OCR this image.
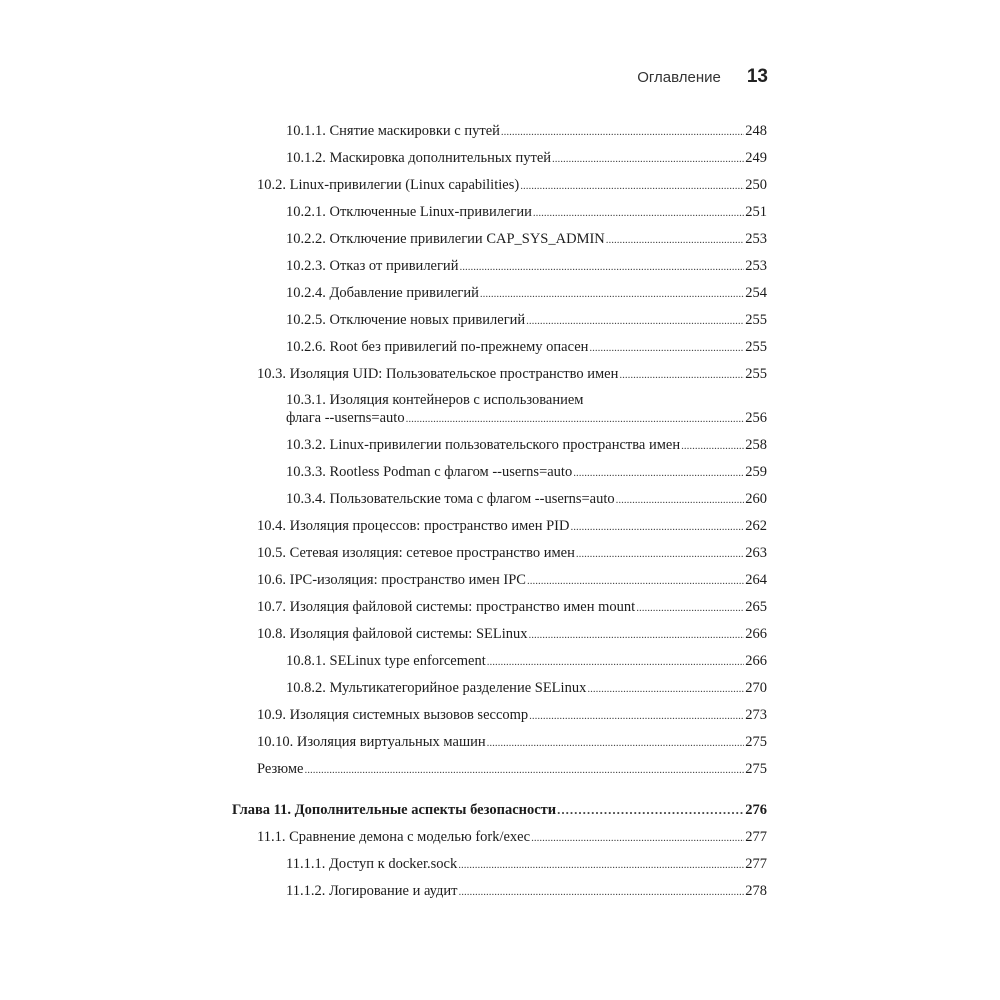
Оглавление 13
10.1.1. Снятие маскировки с путей .....	248
10.1.2. Маскировка дополнительных путей .....	249
10.2. Linux-привилегии (Linux capabilities) .....	250
10.2.1. Отключенные Linux-привилегии .....	251
10.2.2. Отключение привилегии CAP_SYS_ADMIN .....	253
10.2.3. Отказ от привилегий .....	253
10.2.4. Добавление привилегий .....	254
10.2.5. Отключение новых привилегий .....	255
10.2.6. Root без привилегий по-прежнему опасен .....	255
10.3. Изоляция UID: Пользовательское пространство имен .....	255
10.3.1. Изоляция контейнеров с использованием
флага --userns=auto .....	256
10.3.2. Linux-привилегии пользовательского пространства имен .....	258
10.3.3. Rootless Podman с флагом --userns=auto .....	259
10.3.4. Пользовательские тома с флагом --userns=auto .....	260
10.4. Изоляция процессов: пространство имен PID .....	262
10.5. Сетевая изоляция: сетевое пространство имен .....	263
10.6. IPC-изоляция: пространство имен IPC .....	264
10.7. Изоляция файловой системы: пространство имен mount .....	265
10.8. Изоляция файловой системы: SELinux .....	266
10.8.1. SELinux type enforcement .....	266
10.8.2. Мультикатегорийное разделение SELinux .....	270
10.9. Изоляция системных вызовов seccomp .....	273
10.10. Изоляция виртуальных машин .....	275
Резюме .....	275
Глава 11. Дополнительные аспекты безопасности .....	276
11.1. Сравнение демона с моделью fork/exec .....	277
11.1.1. Доступ к docker.sock .....	277
11.1.2. Логирование и аудит .....	278
